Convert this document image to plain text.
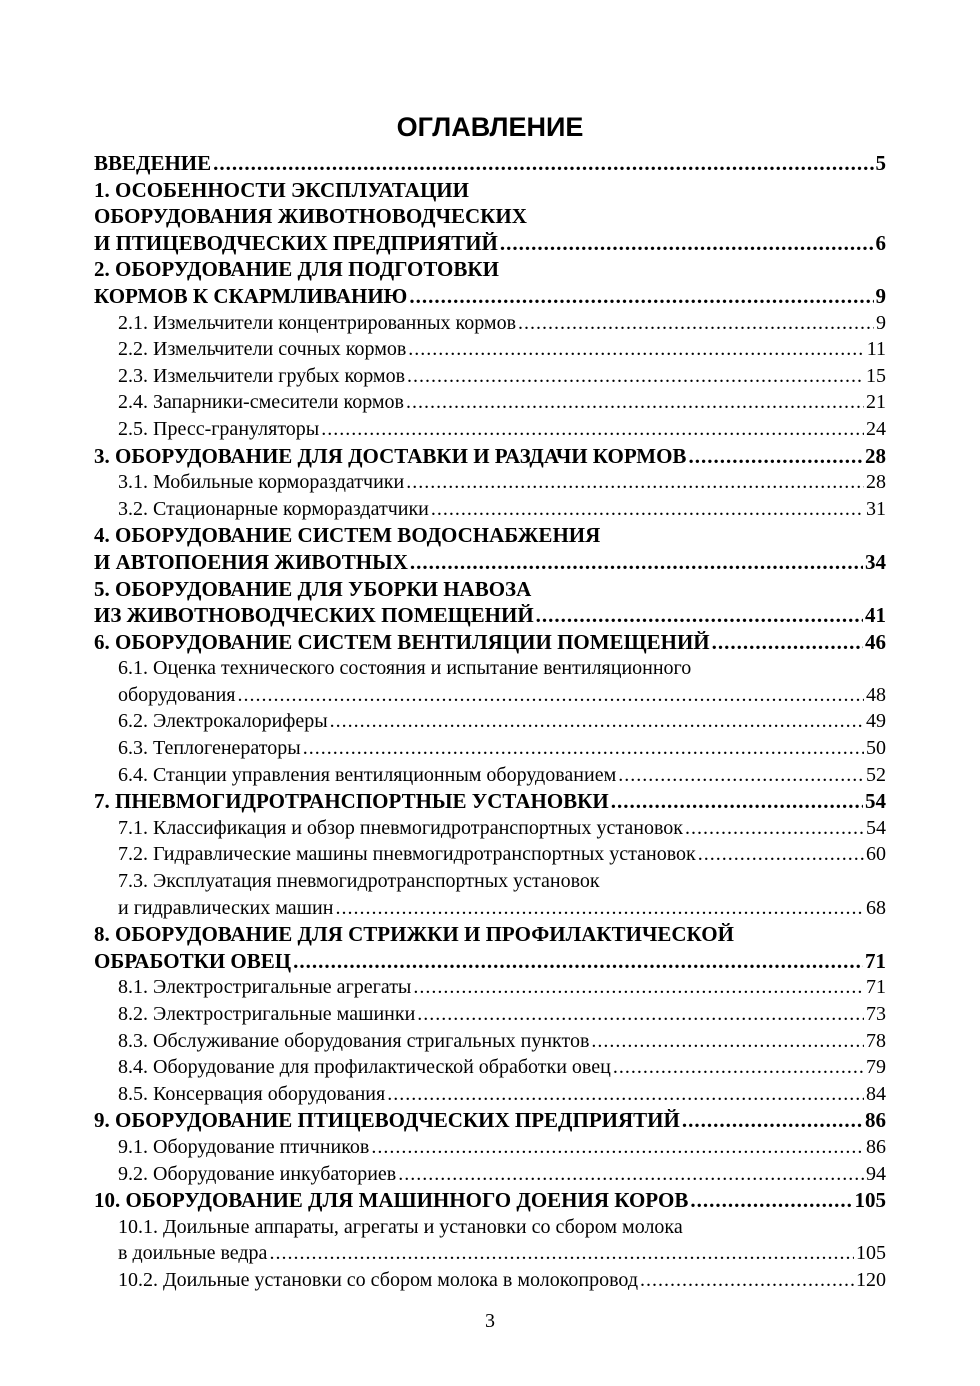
ОГЛАВЛЕНИЕ
ВВЕДЕНИЕ .....	5
1. ОСОБЕННОСТИ ЭКСПЛУАТАЦИИ
ОБОРУДОВАНИЯ ЖИВОТНОВОДЧЕСКИХ
И ПТИЦЕВОДЧЕСКИХ ПРЕДПРИЯТИЙ .....	6
2. ОБОРУДОВАНИЕ ДЛЯ ПОДГОТОВКИ
КОРМОВ К СКАРМЛИВАНИЮ .....	9
2.1. Измельчители концентрированных кормов .....	9
2.2. Измельчители сочных кормов .....	11
2.3. Измельчители грубых кормов .....	15
2.4. Запарники-смесители кормов .....	21
2.5. Пресс-грануляторы .....	24
3. ОБОРУДОВАНИЕ ДЛЯ ДОСТАВКИ И РАЗДАЧИ КОРМОВ .....	28
3.1. Мобильные кормораздатчики .....	28
3.2. Стационарные кормораздатчики .....	31
4. ОБОРУДОВАНИЕ СИСТЕМ ВОДОСНАБЖЕНИЯ
И АВТОПОЕНИЯ ЖИВОТНЫХ .....	34
5. ОБОРУДОВАНИЕ ДЛЯ УБОРКИ НАВОЗА
ИЗ ЖИВОТНОВОДЧЕСКИХ ПОМЕЩЕНИЙ .....	41
6. ОБОРУДОВАНИЕ СИСТЕМ ВЕНТИЛЯЦИИ ПОМЕЩЕНИЙ .....	46
6.1. Оценка технического состояния и испытание вентиляционного
оборудования .....	48
6.2. Электрокалориферы .....	49
6.3. Теплогенераторы .....	50
6.4. Станции управления вентиляционным оборудованием .....	52
7. ПНЕВМОГИДРОТРАНСПОРТНЫЕ УСТАНОВКИ .....	54
7.1. Классификация и обзор пневмогидротранспортных установок .....	54
7.2. Гидравлические машины пневмогидротранспортных установок .....	60
7.3. Эксплуатация пневмогидротранспортных установок
и гидравлических машин .....	68
8. ОБОРУДОВАНИЕ ДЛЯ СТРИЖКИ И ПРОФИЛАКТИЧЕСКОЙ
ОБРАБОТКИ ОВЕЦ .....	71
8.1. Электростригальные агрегаты .....	71
8.2. Электростригальные машинки .....	73
8.3. Обслуживание оборудования стригальных пунктов .....	78
8.4. Оборудование для профилактической обработки овец .....	79
8.5. Консервация оборудования .....	84
9. ОБОРУДОВАНИЕ ПТИЦЕВОДЧЕСКИХ ПРЕДПРИЯТИЙ .....	86
9.1. Оборудование птичников .....	86
9.2. Оборудование инкубаториев .....	94
10. ОБОРУДОВАНИЕ ДЛЯ МАШИННОГО ДОЕНИЯ КОРОВ .....	105
10.1. Доильные аппараты, агрегаты и установки со сбором молока
в доильные ведра .....	105
10.2. Доильные установки со сбором молока в молокопровод .....	120
3
